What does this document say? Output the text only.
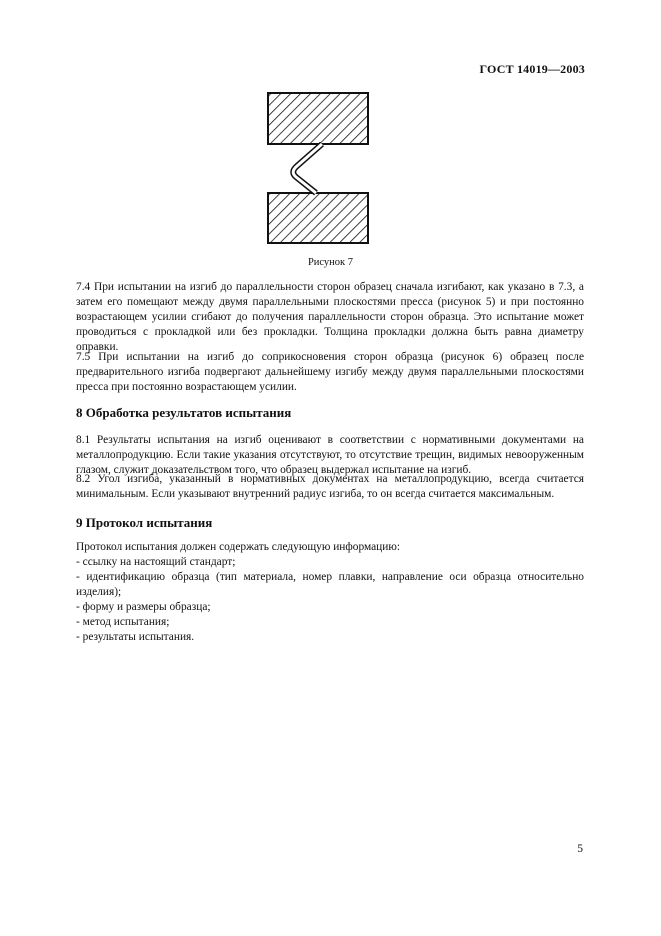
ГОСТ 14019—2003
Рисунок 7
7.4 При испытании на изгиб до параллельности сторон образец сначала изгибают, как указано в 7.3, а затем его помещают между двумя параллельными плоскостями пресса (рисунок 5) и при постоянно возрастающем усилии сгибают до получения параллельности сторон образца. Это испытание может проводиться с прокладкой или без прокладки. Толщина прокладки должна быть равна диаметру оправки.
7.5 При испытании на изгиб до соприкосновения сторон образца (рисунок 6) образец после предварительного изгиба подвергают дальнейшему изгибу между двумя параллельными плоскостями пресса при постоянно возрастающем усилии.
8 Обработка результатов испытания
8.1 Результаты испытания на изгиб оценивают в соответствии с нормативными документами на металлопродукцию. Если такие указания отсутствуют, то отсутствие трещин, видимых невооруженным глазом, служит доказательством того, что образец выдержал испытание на изгиб.
8.2 Угол изгиба, указанный в нормативных документах на металлопродукцию, всегда считается минимальным. Если указывают внутренний радиус изгиба, то он всегда считается максимальным.
9 Протокол испытания
Протокол испытания должен содержать следующую информацию:
- ссылку на настоящий стандарт;
- идентификацию образца (тип материала, номер плавки, направление оси образца относительно изделия);
- форму и размеры образца;
- метод испытания;
- результаты испытания.
5
